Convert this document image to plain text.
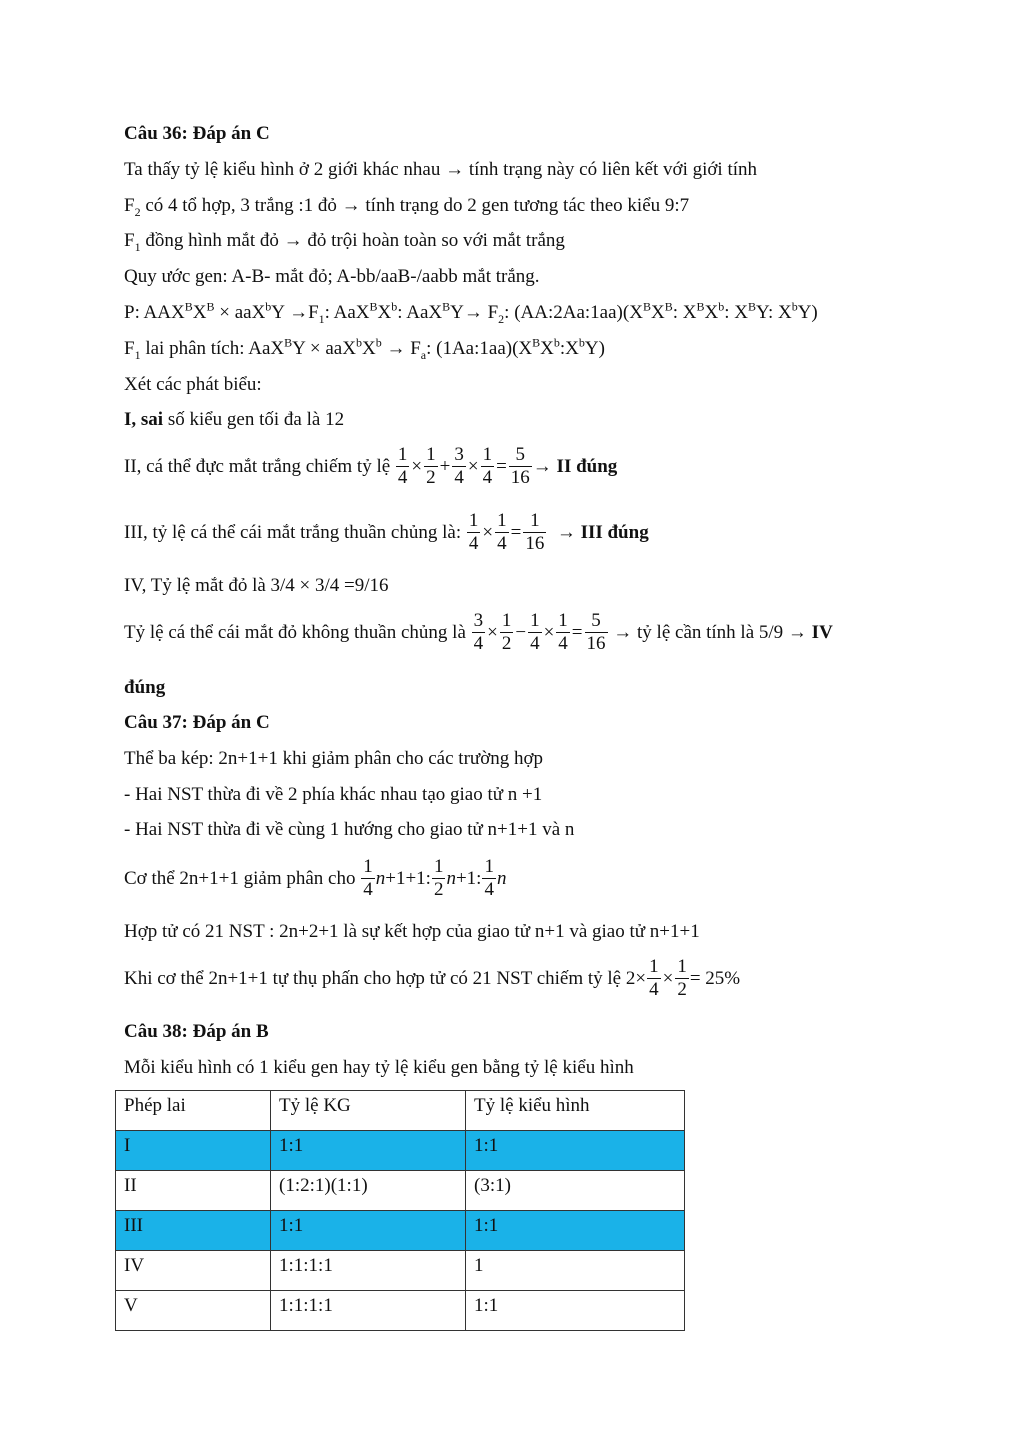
Câu 36: Đáp án C
Ta thấy tỷ lệ kiểu hình ở 2 giới khác nhau → tính trạng này có liên kết với giới tính
$F_2$ có 4 tổ hợp, 3 trắng :1 đỏ → tính trạng do 2 gen tương tác theo kiểu 9:7
$F_1$ đồng hình mắt đỏ → đỏ trội hoàn toàn so với mắt trắng
Quy ước gen: A-B- mắt đỏ; A-bb/aaB-/aabb mắt trắng.
P: $AAX^BX^B \times aaX^bY \to F_1$: $AaX^BX^b$: $AaX^BY\to F_2$: $(AA:2Aa:1aa)(X^BX^B$: $X^BX^b$: $X^BY$: $X^bY$)
$F_1$ lai phân tích: $AaX^BY \times aaX^bX^b \to F_a$: $(1Aa:1aa)(X^BX^b:X^bY)$
Xét các phát biểu:
I, sai số kiểu gen tối đa là 12
II, cá thể đực mắt trắng chiếm tỷ lệ
$\frac{1}{4} \times \frac{1}{2} + \frac{3}{4} \times \frac{1}{4} = \frac{5}{16}$ → II đúng
III, tỷ lệ cá thể cái mắt trắng thuần chủng là:
$\frac{1}{4} \times \frac{1}{4} = \frac{1}{16}$
→ III đúng
IV, Tỷ lệ mắt đỏ là 3/4 × 3/4 =9/16
Tỷ lệ cá thể cái mắt đỏ không thuần chủng là
$\frac{3}{4} \times \frac{1}{2} - \frac{1}{4} \times \frac{1}{4} = \frac{5}{16}$
→ tỷ lệ cần tính là 5/9 →
IV
đúng
Câu 37: Đáp án C
Thể ba kép: 2n+1+1 khi giảm phân cho các trường hợp
- Hai NST thừa đi về 2 phía khác nhau tạo giao tử n +1
- Hai NST thừa đi về cùng 1 hướng cho giao tử n+1+1 và n
Cơ thể 2n+1+1 giảm phân cho
$\frac{1}{4} n+1+1$: $\frac{1}{2} n+1$: $\frac{1}{4}$ n
Hợp tử có 21 NST : 2n+2+1 là sự kết hợp của giao tử n+1 và giao tử n+1+1
Khi cơ thể 2n+1+1 tự thụ phấn cho hợp tử có 21 NST chiếm tỷ lệ
$2\times \frac{1}{4} \times \frac{1}{2} = 25\%$
Câu 38: Đáp án B
Mỗi kiểu hình có 1 kiểu gen hay tỷ lệ kiểu gen bằng tỷ lệ kiểu hình
Phép lai	Tỷ lệ KG	Tỷ lệ kiểu hình
I	1:1	1:1
II	(1:2:1)(1:1)	(3:1)
III	1:1	1:1
IV	1:1:1:1	1
V	1:1:1:1	1:1
